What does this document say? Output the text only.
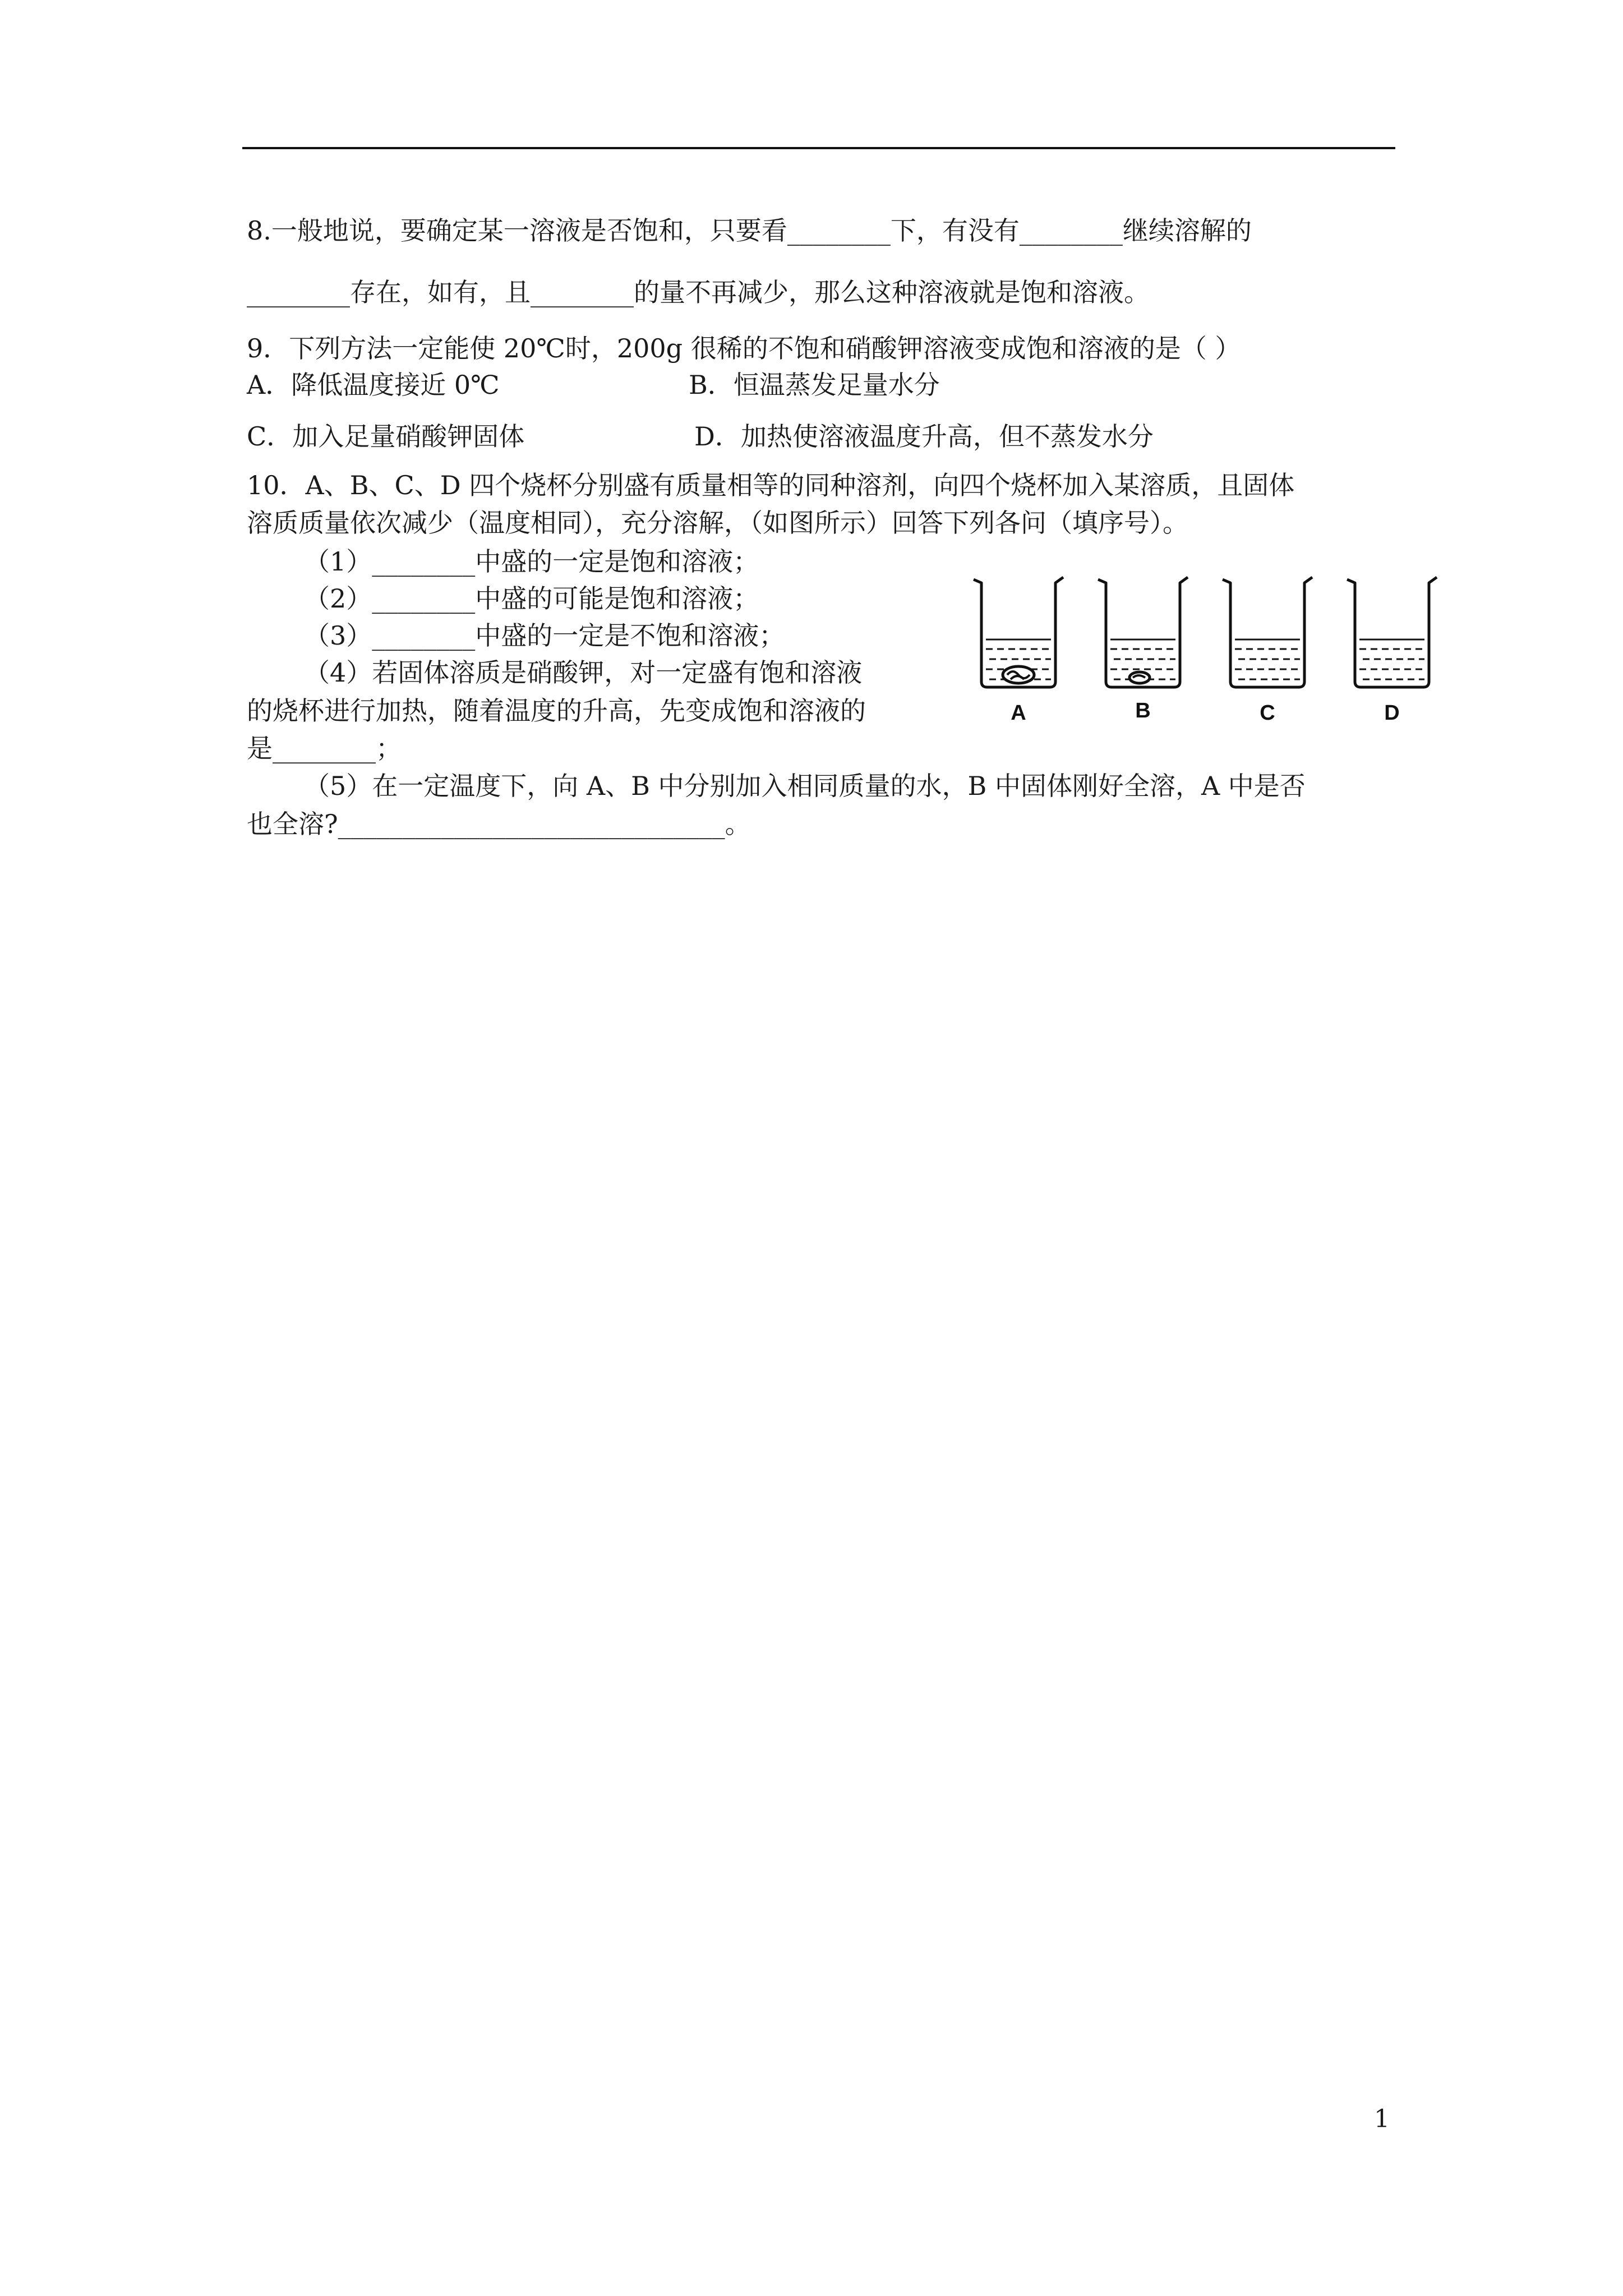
8.一般地说，要确定某一溶液是否饱和，只要看________下，有没有________继续溶解的
________存在，如有，且________的量不再减少，那么这种溶液就是饱和溶液。
9．下列方法一定能使 20℃时，200g 很稀的不饱和硝酸钾溶液变成饱和溶液的是（ ）
A．降低温度接近 0℃	B．恒温蒸发足量水分
C．加入足量硝酸钾固体	D．加热使溶液温度升高，但不蒸发水分
10．A、B、C、D 四个烧杯分别盛有质量相等的同种溶剂，向四个烧杯加入某溶质，且固体
溶质质量依次减少（温度相同），充分溶解，（如图所示）回答下列各问（填序号）。
（1）________中盛的一定是饱和溶液；
（2）________中盛的可能是饱和溶液；
（3）________中盛的一定是不饱和溶液；
（4）若固体溶质是硝酸钾，对一定盛有饱和溶液
的烧杯进行加热，随着温度的升高，先变成饱和溶液的
是________；
（5）在一定温度下，向 A、B 中分别加入相同质量的水，B 中固体刚好全溶，A 中是否
也全溶?______________________________。
A	B	C	D
1
